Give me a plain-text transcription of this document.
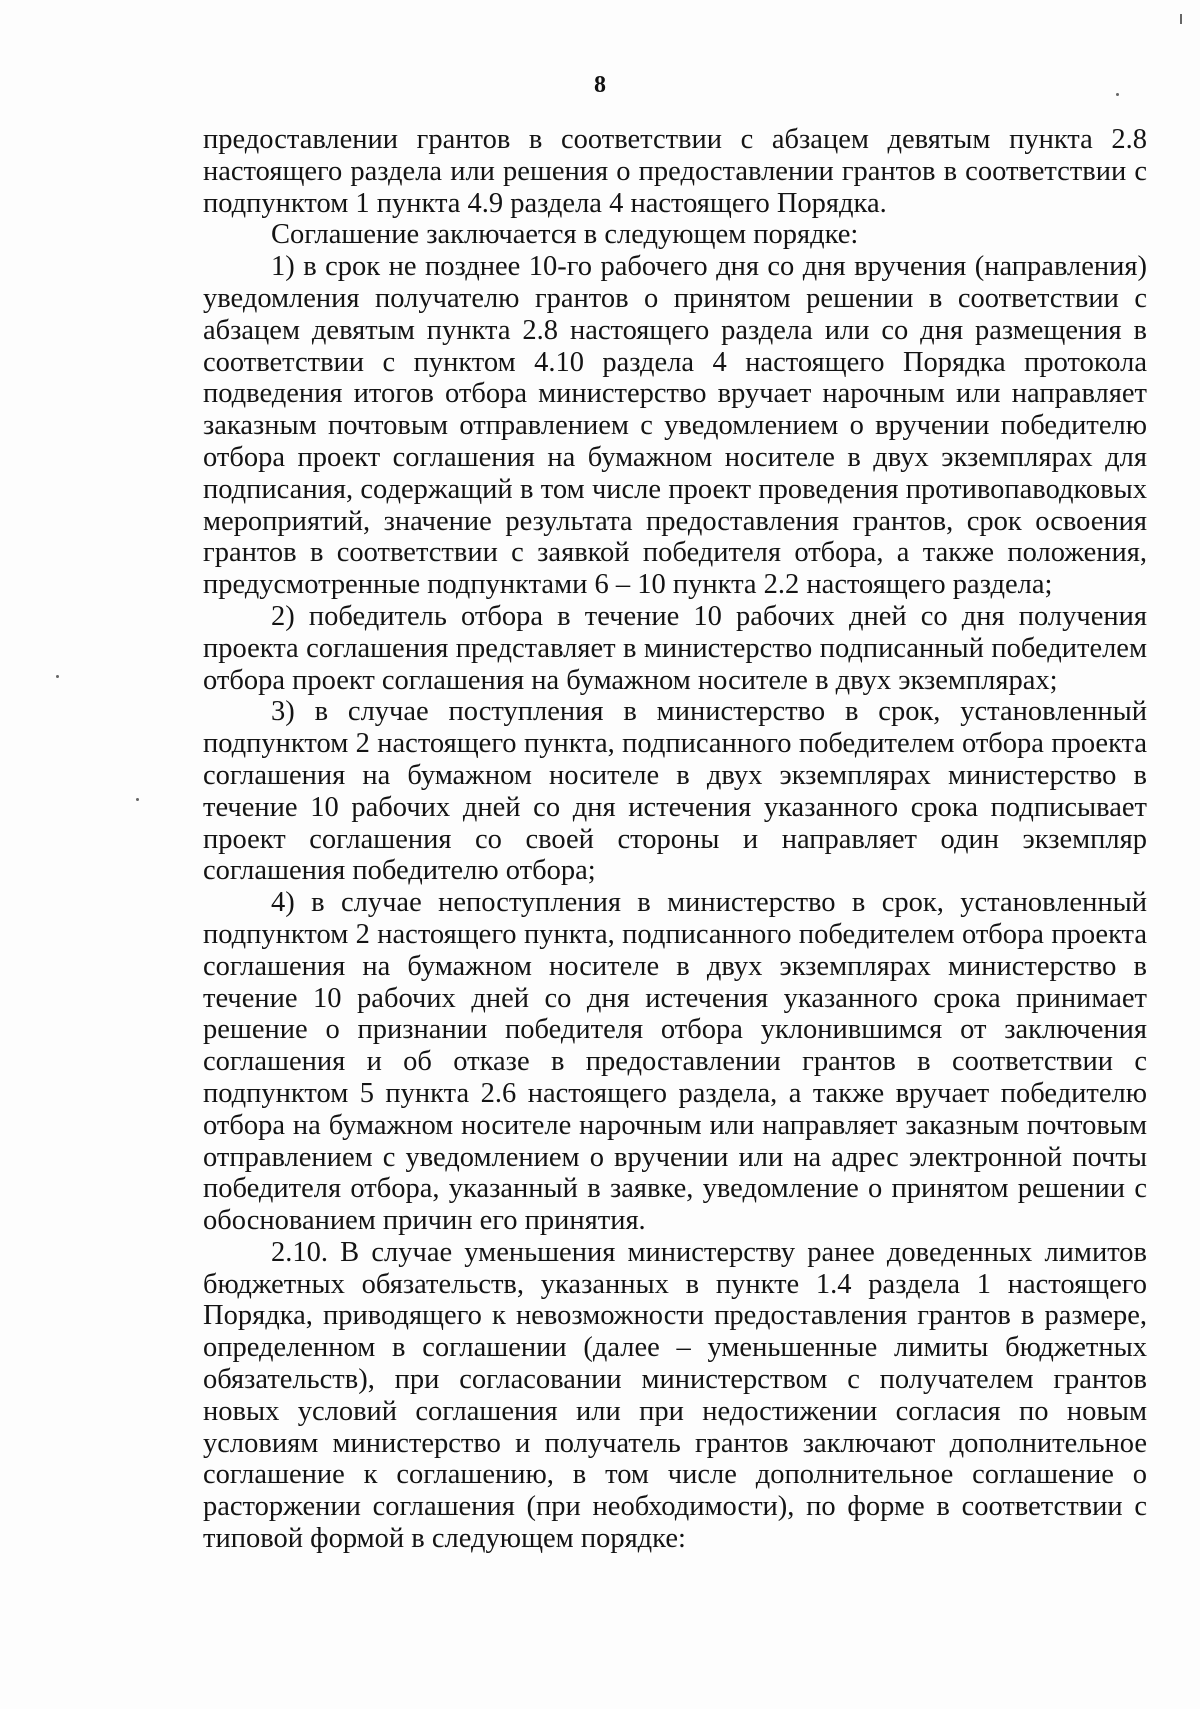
8

предоставлении грантов в соответствии с абзацем девятым пункта 2.8 настоящего раздела или решения о предоставлении грантов в соответствии с подпунктом 1 пункта 4.9 раздела 4 настоящего Порядка.

Соглашение заключается в следующем порядке:

1) в срок не позднее 10-го рабочего дня со дня вручения (направления) уведомления получателю грантов о принятом решении в соответствии с абзацем девятым пункта 2.8 настоящего раздела или со дня размещения в соответствии с пунктом 4.10 раздела 4 настоящего Порядка протокола подведения итогов отбора министерство вручает нарочным или направляет заказным почтовым отправлением с уведомлением о вручении победителю отбора проект соглашения на бумажном носителе в двух экземплярах для подписания, содержащий в том числе проект проведения противопаводковых мероприятий, значение результата предоставления грантов, срок освоения грантов в соответствии с заявкой победителя отбора, а также положения, предусмотренные подпунктами 6 – 10 пункта 2.2 настоящего раздела;

2) победитель отбора в течение 10 рабочих дней со дня получения проекта соглашения представляет в министерство подписанный победителем отбора проект соглашения на бумажном носителе в двух экземплярах;

3) в случае поступления в министерство в срок, установленный подпунктом 2 настоящего пункта, подписанного победителем отбора проекта соглашения на бумажном носителе в двух экземплярах министерство в течение 10 рабочих дней со дня истечения указанного срока подписывает проект соглашения со своей стороны и направляет один экземпляр соглашения победителю отбора;

4) в случае непоступления в министерство в срок, установленный подпунктом 2 настоящего пункта, подписанного победителем отбора проекта соглашения на бумажном носителе в двух экземплярах министерство в течение 10 рабочих дней со дня истечения указанного срока принимает решение о признании победителя отбора уклонившимся от заключения соглашения и об отказе в предоставлении грантов в соответствии с подпунктом 5 пункта 2.6 настоящего раздела, а также вручает победителю отбора на бумажном носителе нарочным или направляет заказным почтовым отправлением с уведомлением о вручении или на адрес электронной почты победителя отбора, указанный в заявке, уведомление о принятом решении с обоснованием причин его принятия.

2.10. В случае уменьшения министерству ранее доведенных лимитов бюджетных обязательств, указанных в пункте 1.4 раздела 1 настоящего Порядка, приводящего к невозможности предоставления грантов в размере, определенном в соглашении (далее – уменьшенные лимиты бюджетных обязательств), при согласовании министерством с получателем грантов новых условий соглашения или при недостижении согласия по новым условиям министерство и получатель грантов заключают дополнительное соглашение к соглашению, в том числе дополнительное соглашение о расторжении соглашения (при необходимости), по форме в соответствии с типовой формой в следующем порядке:
